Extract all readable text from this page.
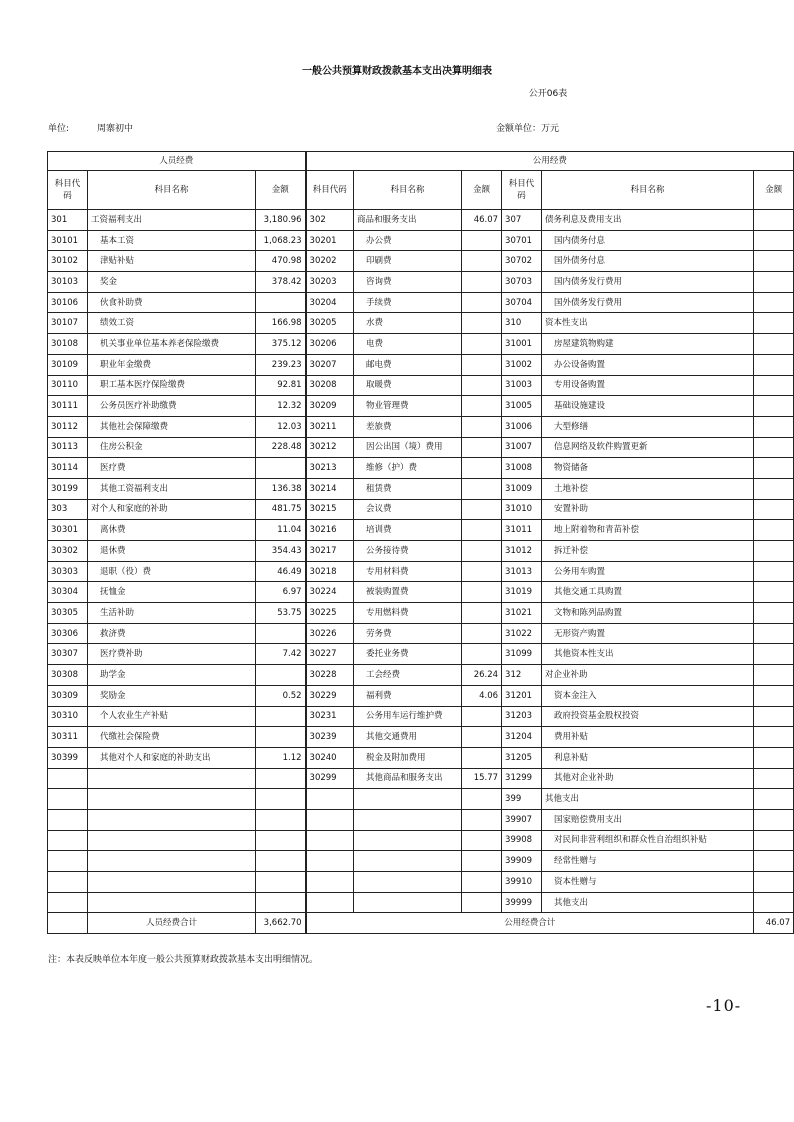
一般公共预算财政拨款基本支出决算明细表
公开06表
单位:	周寨初中	金额单位：万元
人员经费			公用经费					
科目代码	科目名称	金额	科目代码	科目名称	金额	科目代码	科目名称	金额
301	工资福利支出	3,180.96	302	商品和服务支出	46.07	307	债务利息及费用支出	
30101	基本工资	1,068.23	30201	办公费		30701	国内债务付息	
30102	津贴补贴	470.98	30202	印刷费		30702	国外债务付息	
30103	奖金	378.42	30203	咨询费		30703	国内债务发行费用	
30106	伙食补助费		30204	手续费		30704	国外债务发行费用	
30107	绩效工资	166.98	30205	水费		310	资本性支出	
30108	机关事业单位基本养老保险缴费	375.12	30206	电费		31001	房屋建筑物购建	
30109	职业年金缴费	239.23	30207	邮电费		31002	办公设备购置	
30110	职工基本医疗保险缴费	92.81	30208	取暖费		31003	专用设备购置	
30111	公务员医疗补助缴费	12.32	30209	物业管理费		31005	基础设施建设	
30112	其他社会保障缴费	12.03	30211	差旅费		31006	大型修缮	
30113	住房公积金	228.48	30212	因公出国（境）费用		31007	信息网络及软件购置更新	
30114	医疗费		30213	维修（护）费		31008	物资储备	
30199	其他工资福利支出	136.38	30214	租赁费		31009	土地补偿	
303	对个人和家庭的补助	481.75	30215	会议费		31010	安置补助	
30301	离休费	11.04	30216	培训费		31011	地上附着物和青苗补偿	
30302	退休费	354.43	30217	公务接待费		31012	拆迁补偿	
30303	退职（役）费	46.49	30218	专用材料费		31013	公务用车购置	
30304	抚恤金	6.97	30224	被装购置费		31019	其他交通工具购置	
30305	生活补助	53.75	30225	专用燃料费		31021	文物和陈列品购置	
30306	救济费		30226	劳务费		31022	无形资产购置	
30307	医疗费补助	7.42	30227	委托业务费		31099	其他资本性支出	
30308	助学金		30228	工会经费	26.24	312	对企业补助	
30309	奖励金	0.52	30229	福利费	4.06	31201	资本金注入	
30310	个人农业生产补贴		30231	公务用车运行维护费		31203	政府投资基金股权投资	
30311	代缴社会保险费		30239	其他交通费用		31204	费用补贴	
30399	其他对个人和家庭的补助支出	1.12	30240	税金及附加费用		31205	利息补贴	
			30299	其他商品和服务支出	15.77	31299	其他对企业补助	
						399	其他支出	
						39907	国家赔偿费用支出	
						39908	对民间非营利组织和群众性自治组织补贴	
						39909	经常性赠与	
						39910	资本性赠与	
						39999	其他支出	
	人员经费合计	3,662.70	公用经费合计					46.07
注：本表反映单位本年度一般公共预算财政拨款基本支出明细情况。
-10-
